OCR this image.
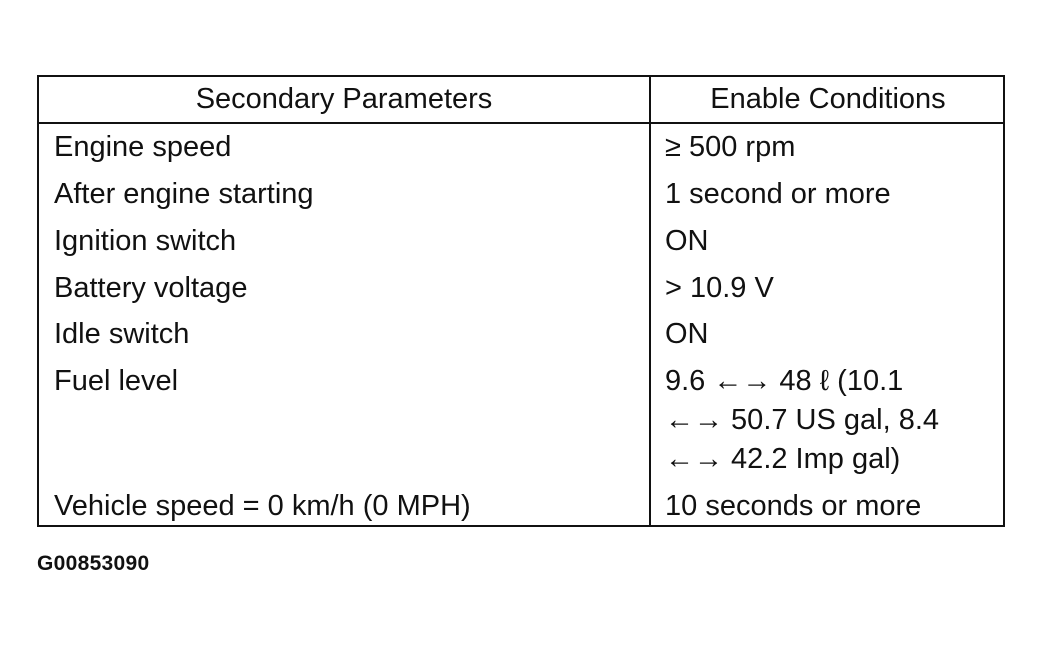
Secondary Parameters	Enable Conditions
Engine speed	≥ 500 rpm
After engine starting	1 second or more
Ignition switch	ON
Battery voltage	> 10.9 V
Idle switch	ON
Fuel level	9.6 ←→ 48 ℓ (10.1
←→ 50.7 US gal, 8.4
←→ 42.2 Imp gal)
Vehicle speed = 0 km/h (0 MPH)	10 seconds or more
G00853090
